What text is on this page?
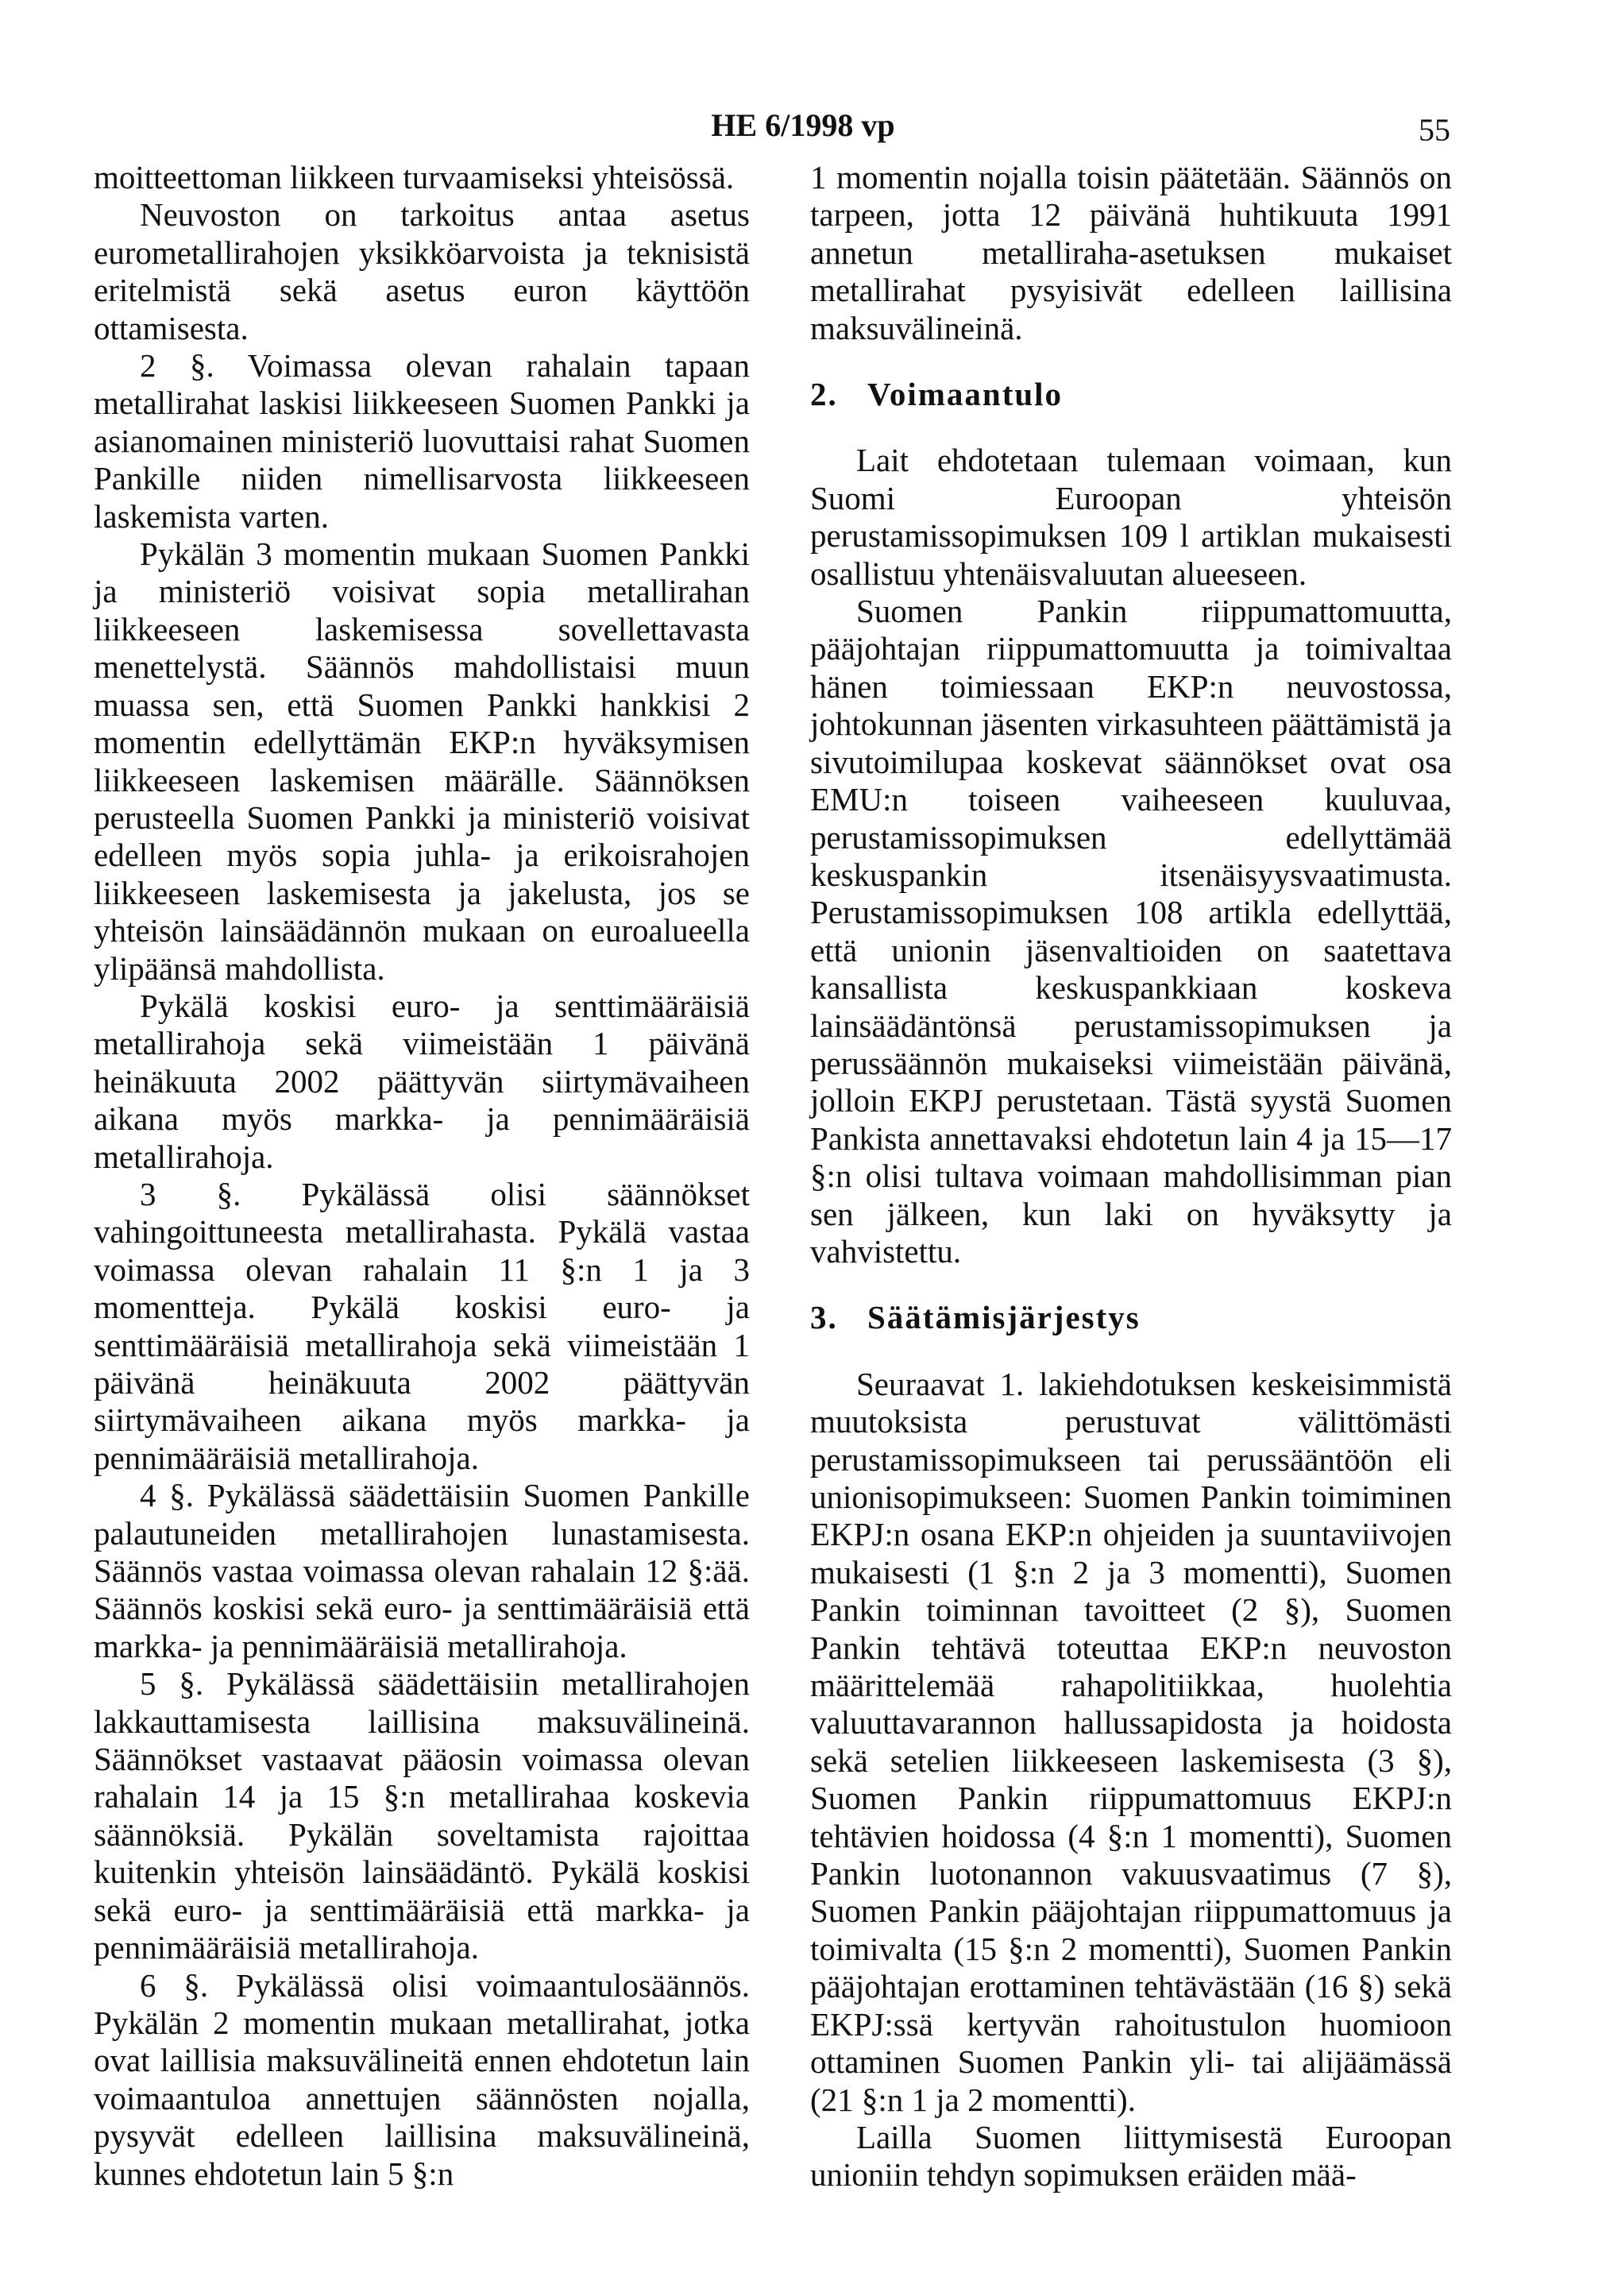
HE 6/1998 vp	55

moitteettoman liikkeen turvaamiseksi yhteisössä.

Neuvoston on tarkoitus antaa asetus eurometallirahojen yksikköarvoista ja teknisistä eritelmistä sekä asetus euron käyttöön ottamisesta.

2 §. Voimassa olevan rahalain tapaan metallirahat laskisi liikkeeseen Suomen Pankki ja asianomainen ministeriö luovuttaisi rahat Suomen Pankille niiden nimellisarvosta liikkeeseen laskemista varten.

Pykälän 3 momentin mukaan Suomen Pankki ja ministeriö voisivat sopia metallirahan liikkeeseen laskemisessa sovellettavasta menettelystä. Säännös mahdollistaisi muun muassa sen, että Suomen Pankki hankkisi 2 momentin edellyttämän EKP:n hyväksymisen liikkeeseen laskemisen määrälle. Säännöksen perusteella Suomen Pankki ja ministeriö voisivat edelleen myös sopia juhla- ja erikoisrahojen liikkeeseen laskemisesta ja jakelusta, jos se yhteisön lainsäädännön mukaan on euroalueella ylipäänsä mahdollista.

Pykälä koskisi euro- ja senttimääräisiä metallirahoja sekä viimeistään 1 päivänä heinäkuuta 2002 päättyvän siirtymävaiheen aikana myös markka- ja pennimääräisiä metallirahoja.

3 §. Pykälässä olisi säännökset vahingoittuneesta metallirahasta. Pykälä vastaa voimassa olevan rahalain 11 §:n 1 ja 3 momentteja. Pykälä koskisi euro- ja senttimääräisiä metallirahoja sekä viimeistään 1 päivänä heinäkuuta 2002 päättyvän siirtymävaiheen aikana myös markka- ja pennimääräisiä metallirahoja.

4 §. Pykälässä säädettäisiin Suomen Pankille palautuneiden metallirahojen lunastamisesta. Säännös vastaa voimassa olevan rahalain 12 §:ää. Säännös koskisi sekä euro- ja senttimääräisiä että markka- ja pennimääräisiä metallirahoja.

5 §. Pykälässä säädettäisiin metallirahojen lakkauttamisesta laillisina maksuvälineinä. Säännökset vastaavat pääosin voimassa olevan rahalain 14 ja 15 §:n metallirahaa koskevia säännöksiä. Pykälän soveltamista rajoittaa kuitenkin yhteisön lainsäädäntö. Pykälä koskisi sekä euro- ja senttimääräisiä että markka- ja pennimääräisiä metallirahoja.

6 §. Pykälässä olisi voimaantulosäännös. Pykälän 2 momentin mukaan metallirahat, jotka ovat laillisia maksuvälineitä ennen ehdotetun lain voimaantuloa annettujen säännösten nojalla, pysyvät edelleen laillisina maksuvälineinä, kunnes ehdotetun lain 5 §:n

1 momentin nojalla toisin päätetään. Säännös on tarpeen, jotta 12 päivänä huhtikuuta 1991 annetun metalliraha-asetuksen mukaiset metallirahat pysyisivät edelleen laillisina maksuvälineinä.

2. Voimaantulo

Lait ehdotetaan tulemaan voimaan, kun Suomi Euroopan yhteisön perustamissopimuksen 109 l artiklan mukaisesti osallistuu yhtenäisvaluutan alueeseen.

Suomen Pankin riippumattomuutta, pääjohtajan riippumattomuutta ja toimivaltaa hänen toimiessaan EKP:n neuvostossa, johtokunnan jäsenten virkasuhteen päättämistä ja sivutoimilupaa koskevat säännökset ovat osa EMU:n toiseen vaiheeseen kuuluvaa, perustamissopimuksen edellyttämää keskuspankin itsenäisyysvaatimusta. Perustamissopimuksen 108 artikla edellyttää, että unionin jäsenvaltioiden on saatettava kansallista keskuspankkiaan koskeva lainsäädäntönsä perustamissopimuksen ja perussäännön mukaiseksi viimeistään päivänä, jolloin EKPJ perustetaan. Tästä syystä Suomen Pankista annettavaksi ehdotetun lain 4 ja 15—17 §:n olisi tultava voimaan mahdollisimman pian sen jälkeen, kun laki on hyväksytty ja vahvistettu.

3. Säätämisjärjestys

Seuraavat 1. lakiehdotuksen keskeisimmistä muutoksista perustuvat välittömästi perustamissopimukseen tai perussääntöön eli unionisopimukseen: Suomen Pankin toimiminen EKPJ:n osana EKP:n ohjeiden ja suuntaviivojen mukaisesti (1 §:n 2 ja 3 momentti), Suomen Pankin toiminnan tavoitteet (2 §), Suomen Pankin tehtävä toteuttaa EKP:n neuvoston määrittelemää rahapolitiikkaa, huolehtia valuuttavarannon hallussapidosta ja hoidosta sekä setelien liikkeeseen laskemisesta (3 §), Suomen Pankin riippumattomuus EKPJ:n tehtävien hoidossa (4 §:n 1 momentti), Suomen Pankin luotonannon vakuusvaatimus (7 §), Suomen Pankin pääjohtajan riippumattomuus ja toimivalta (15 §:n 2 momentti), Suomen Pankin pääjohtajan erottaminen tehtävästään (16 §) sekä EKPJ:ssä kertyvän rahoitustulon huomioon ottaminen Suomen Pankin yli- tai alijäämässä (21 §:n 1 ja 2 momentti).

Lailla Suomen liittymisestä Euroopan unioniin tehdyn sopimuksen eräiden mää-
